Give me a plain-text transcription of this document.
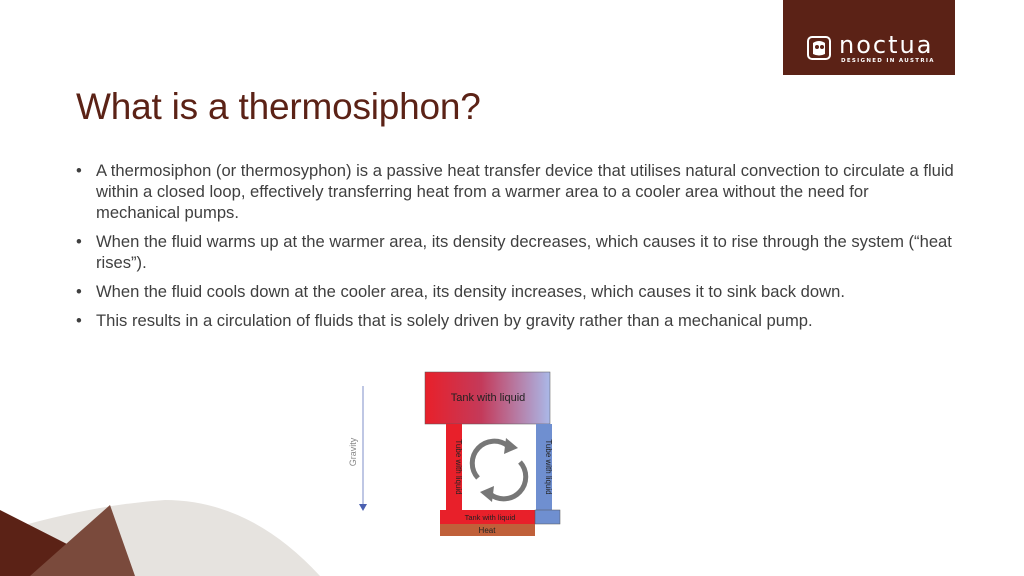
noctua
DESIGNED IN AUSTRIA
What is a thermosiphon?
• A thermosiphon (or thermosyphon) is a passive heat transfer device that utilises natural convection to circulate a fluid within a closed loop, effectively transferring heat from a warmer area to a cooler area without the need for mechanical pumps.
• When the fluid warms up at the warmer area, its density decreases, which causes it to rise through the system (“heat rises”).
• When the fluid cools down at the cooler area, its density increases, which causes it to sink back down.
• This results in a circulation of fluids that is solely driven by gravity rather than a mechanical pump.
Gravity
Tank with liquid
Tube with liquid	Tube with liquid
Tank with liquid
Heat
